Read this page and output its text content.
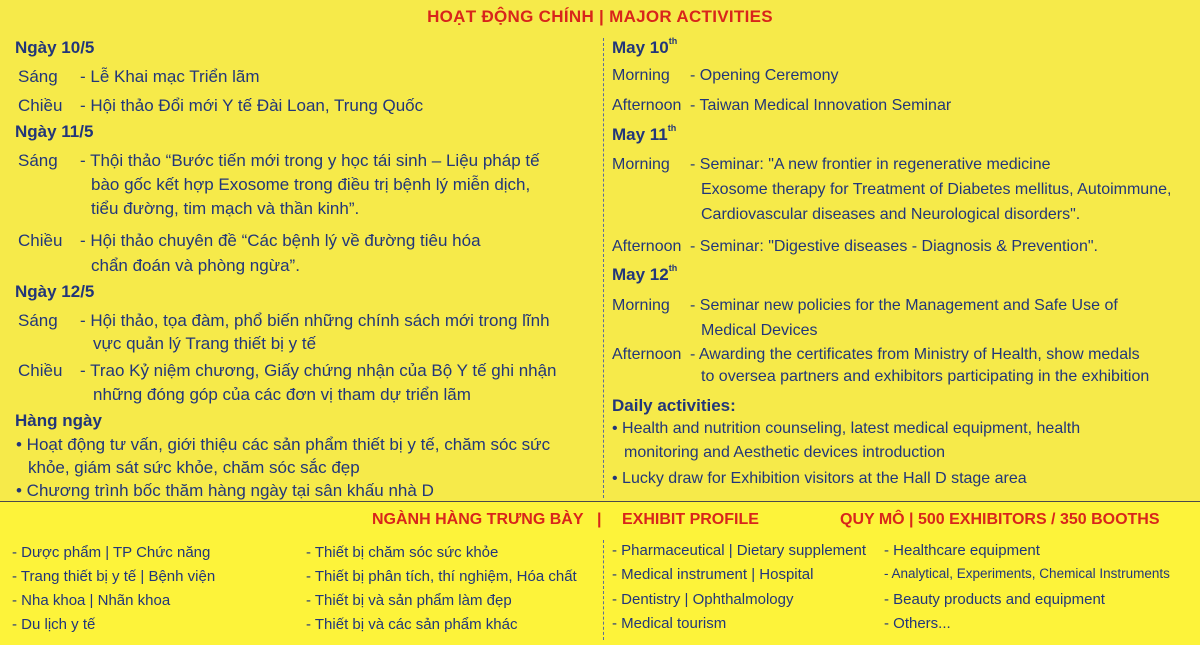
HOẠT ĐỘNG CHÍNH | MAJOR ACTIVITIES
Ngày 10/5
Sáng - Lễ Khai mạc Triển lãm
Chiều - Hội thảo Đổi mới Y tế Đài Loan, Trung Quốc
Ngày 11/5
Sáng - Thội thảo “Bước tiến mới trong y học tái sinh – Liệu pháp tế
bào gốc kết hợp Exosome trong điều trị bệnh lý miễn dịch,
tiểu đường, tim mạch và thần kinh”.
Chiều - Hội thảo chuyên đề “Các bệnh lý về đường tiêu hóa
chẩn đoán và phòng ngừa”.
Ngày 12/5
Sáng - Hội thảo, tọa đàm, phổ biến những chính sách mới trong lĩnh
vực quản lý Trang thiết bị y tế
Chiều - Trao Kỷ niệm chương, Giấy chứng nhận của Bộ Y tế ghi nhận
những đóng góp của các đơn vị tham dự triển lãm
Hàng ngày
• Hoạt động tư vấn, giới thiệu các sản phẩm thiết bị y tế, chăm sóc sức
khỏe, giám sát sức khỏe, chăm sóc sắc đẹp
• Chương trình bốc thăm hàng ngày tại sân khấu nhà D
May 10th
Morning - Opening Ceremony
Afternoon - Taiwan Medical Innovation Seminar
May 11th
Morning - Seminar: "A new frontier in regenerative medicine
Exosome therapy for Treatment of Diabetes mellitus, Autoimmune,
Cardiovascular diseases and Neurological disorders".
Afternoon - Seminar: "Digestive diseases - Diagnosis & Prevention".
May 12th
Morning - Seminar new policies for the Management and Safe Use of
Medical Devices
Afternoon - Awarding the certificates from Ministry of Health, show medals
to oversea partners and exhibitors participating in the exhibition
Daily activities:
• Health and nutrition counseling, latest medical equipment, health
monitoring and Aesthetic devices introduction
• Lucky draw for Exhibition visitors at the Hall D stage area
NGÀNH HÀNG TRƯNG BÀY | EXHIBIT PROFILE	QUY MÔ | 500 EXHIBITORS / 350 BOOTHS
- Dược phẩm | TP Chức năng
- Trang thiết bị y tế | Bệnh viện
- Nha khoa | Nhãn khoa
- Du lịch y tế
- Thiết bị chăm sóc sức khỏe
- Thiết bị phân tích, thí nghiệm, Hóa chất
- Thiết bị và sản phẩm làm đẹp
- Thiết bị và các sản phẩm khác
- Pharmaceutical | Dietary supplement
- Medical instrument | Hospital
- Dentistry | Ophthalmology
- Medical tourism
- Healthcare equipment
- Analytical, Experiments, Chemical Instruments
- Beauty products and equipment
- Others...
